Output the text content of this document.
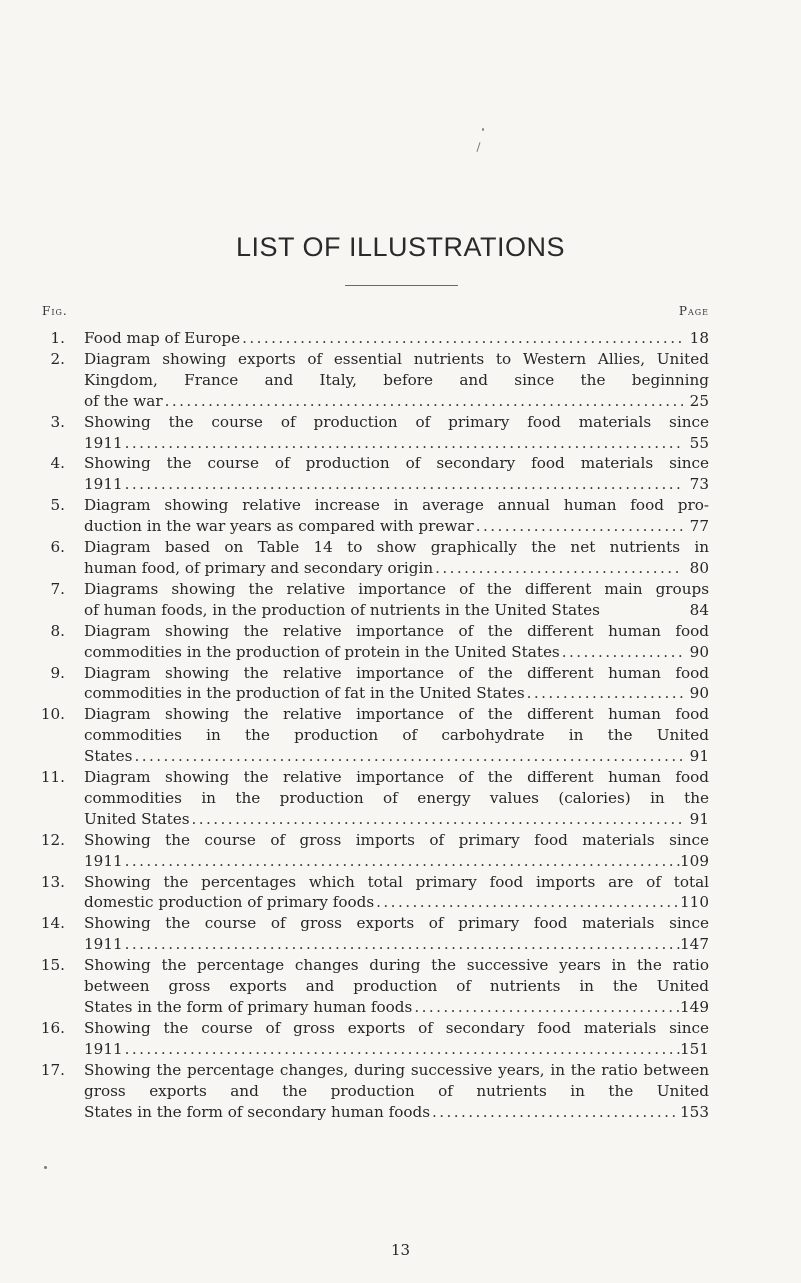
LIST OF ILLUSTRATIONS
Fig.	Page
1. Food map of Europe . . .	18
2. Diagram showing exports of essential nutrients to Western Allies, United Kingdom, France and Italy, before and since the beginning
of the war . . .	25
3. Showing the course of production of primary food materials since
1911 . . .	55
4. Showing the course of production of secondary food materials since
1911 . . .	73
5. Diagram showing relative increase in average annual human food pro-
duction in the war years as compared with prewar . . .	77
6. Diagram based on Table 14 to show graphically the net nutrients in
human food, of primary and secondary origin . . .	80
7. Diagrams showing the relative importance of the different main groups
of human foods, in the production of nutrients in the United States	84
8. Diagram showing the relative importance of the different human food
commodities in the production of protein in the United States . . .	90
9. Diagram showing the relative importance of the different human food
commodities in the production of fat in the United States . . .	90
10. Diagram showing the relative importance of the different human food commodities in the production of carbohydrate in the United
States . . .	91
11. Diagram showing the relative importance of the different human food commodities in the production of energy values (calories) in the
United States . . .	91
12. Showing the course of gross imports of primary food materials since
1911 . . .	109
13. Showing the percentages which total primary food imports are of total
domestic production of primary foods . . .	110
14. Showing the course of gross exports of primary food materials since
1911 . . .	147
15. Showing the percentage changes during the successive years in the ratio between gross exports and production of nutrients in the United
States in the form of primary human foods . . .	149
16. Showing the course of gross exports of secondary food materials since
1911 . . .	151
17. Showing the percentage changes, during successive years, in the ratio between gross exports and the production of nutrients in the United
States in the form of secondary human foods . . .	153
13
